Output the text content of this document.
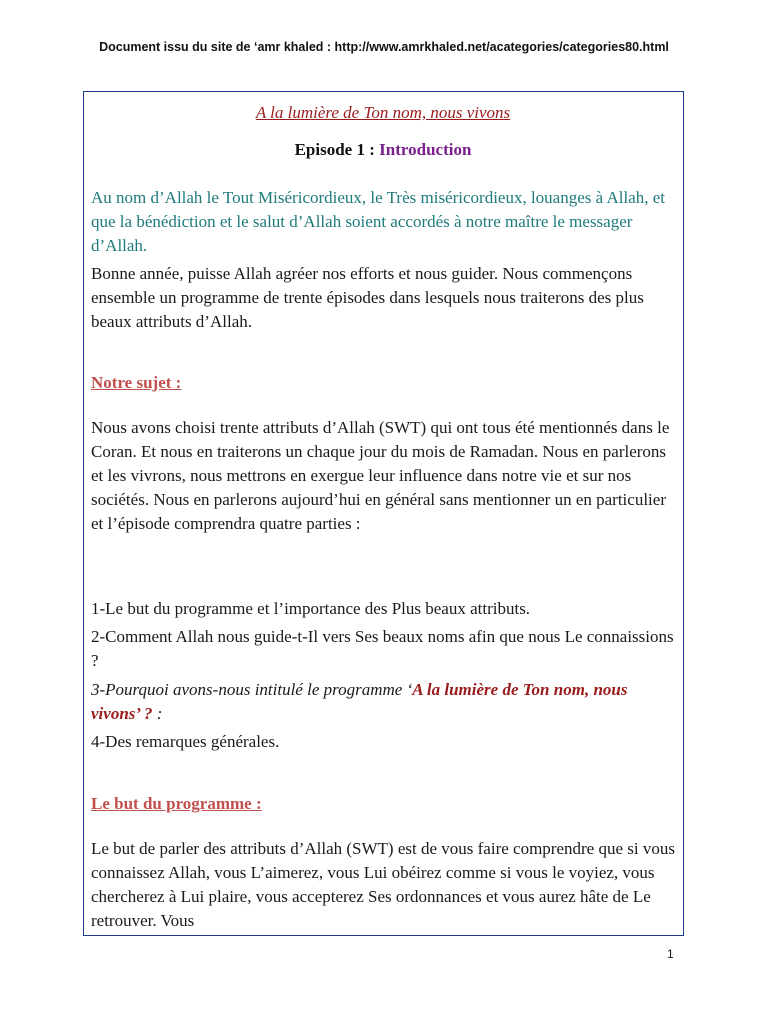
Document issu du site de ‘amr khaled : http://www.amrkhaled.net/acategories/categories80.html

A la lumière de Ton nom, nous vivons

Episode 1 : Introduction

Au nom d’Allah le Tout Miséricordieux, le Très miséricordieux, louanges à Allah, et que la bénédiction et le salut d’Allah soient accordés à notre maître le messager d’Allah.

Bonne année, puisse Allah agréer nos efforts et nous guider. Nous commençons ensemble un programme de trente épisodes dans lesquels nous traiterons des plus beaux attributs d’Allah.

Notre sujet :

Nous avons choisi trente attributs d’Allah (SWT) qui ont tous été mentionnés dans le Coran. Et nous en traiterons un chaque jour du mois de Ramadan. Nous en parlerons et les vivrons, nous mettrons en exergue leur influence dans notre vie et sur nos sociétés. Nous en parlerons aujourd’hui en général sans mentionner un en particulier et l’épisode comprendra quatre parties :

1-Le but du programme et l’importance des Plus beaux attributs.

2-Comment Allah nous guide-t-Il vers Ses beaux noms afin que nous Le connaissions ?

3-Pourquoi avons-nous intitulé le programme ‘A la lumière de Ton nom, nous vivons’ ? :

4-Des remarques générales.

Le but du programme :

Le but de parler des attributs d’Allah (SWT) est de vous faire comprendre que si vous connaissez Allah, vous L’aimerez, vous Lui obéirez comme si vous le voyiez, vous chercherez à Lui plaire, vous accepterez Ses ordonnances et vous aurez hâte de Le retrouver. Vous

1
